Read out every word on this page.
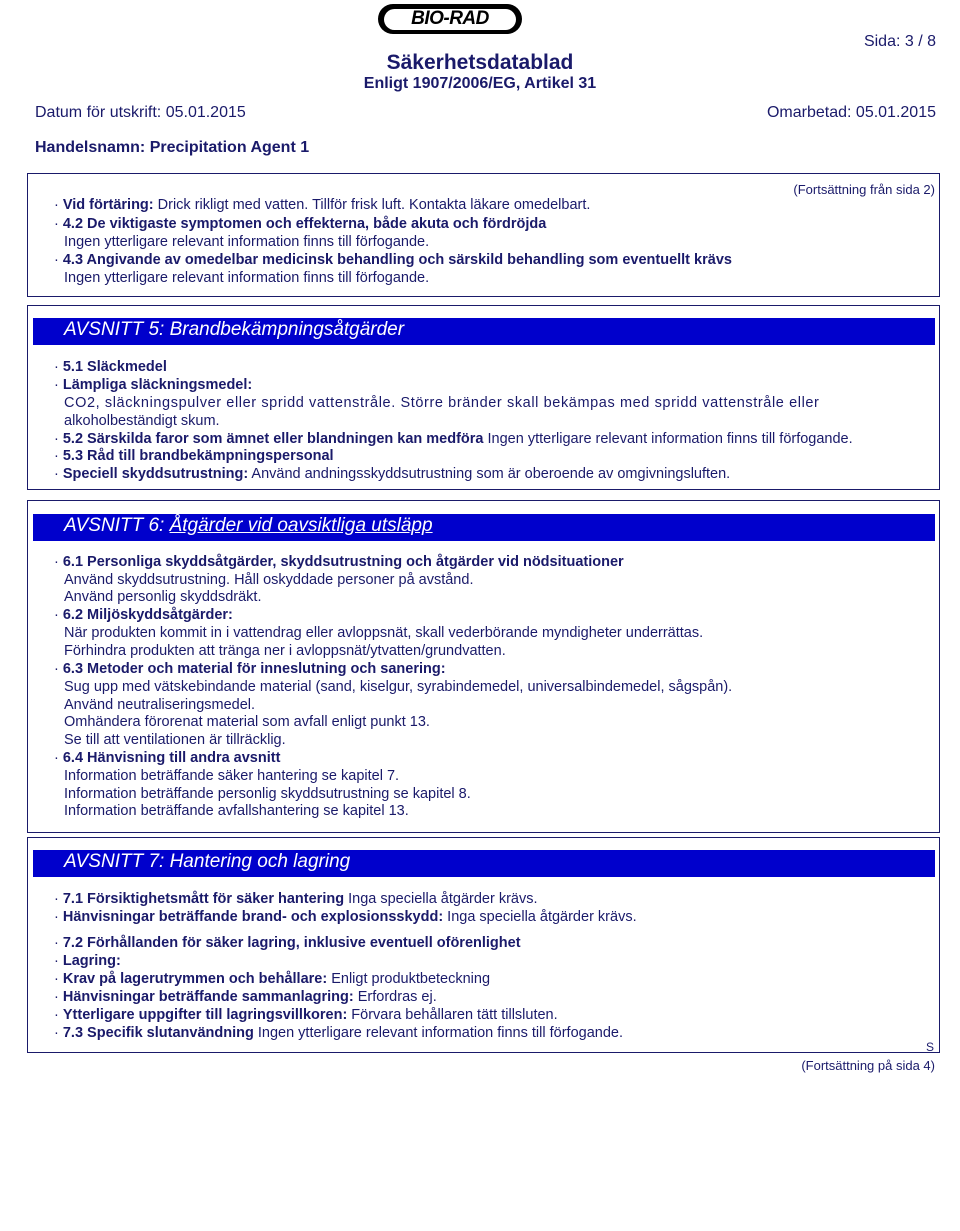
BIO-RAD
Säkerhetsdatablad
Enligt 1907/2006/EG, Artikel 31
Sida: 3 / 8
Datum för utskrift: 05.01.2015	Omarbetad: 05.01.2015
Handelsnamn: Precipitation Agent 1
(Fortsättning från sida 2)
· Vid förtäring: Drick rikligt med vatten. Tillför frisk luft. Kontakta läkare omedelbart.
· 4.2 De viktigaste symptomen och effekterna, både akuta och fördröjda
Ingen ytterligare relevant information finns till förfogande.
· 4.3 Angivande av omedelbar medicinsk behandling och särskild behandling som eventuellt krävs
Ingen ytterligare relevant information finns till förfogande.
AVSNITT 5: Brandbekämpningsåtgärder
· 5.1 Släckmedel
· Lämpliga släckningsmedel:
CO2, släckningspulver eller spridd vattenstråle. Större bränder skall bekämpas med spridd vattenstråle eller
alkoholbeständigt skum.
· 5.2 Särskilda faror som ämnet eller blandningen kan medföra Ingen ytterligare relevant information finns till förfogande.
· 5.3 Råd till brandbekämpningspersonal
· Speciell skyddsutrustning: Använd andningsskyddsutrustning som är oberoende av omgivningsluften.
AVSNITT 6: Åtgärder vid oavsiktliga utsläpp
· 6.1 Personliga skyddsåtgärder, skyddsutrustning och åtgärder vid nödsituationer
Använd skyddsutrustning. Håll oskyddade personer på avstånd.
Använd personlig skyddsdräkt.
· 6.2 Miljöskyddsåtgärder:
När produkten kommit in i vattendrag eller avloppsnät, skall vederbörande myndigheter underrättas.
Förhindra produkten att tränga ner i avloppsnät/ytvatten/grundvatten.
· 6.3 Metoder och material för inneslutning och sanering:
Sug upp med vätskebindande material (sand, kiselgur, syrabindemedel, universalbindemedel, sågspån).
Använd neutraliseringsmedel.
Omhändera förorenat material som avfall enligt punkt 13.
Se till att ventilationen är tillräcklig.
· 6.4 Hänvisning till andra avsnitt
Information beträffande säker hantering se kapitel 7.
Information beträffande personlig skyddsutrustning se kapitel 8.
Information beträffande avfallshantering se kapitel 13.
AVSNITT 7: Hantering och lagring
· 7.1 Försiktighetsmått för säker hantering Inga speciella åtgärder krävs.
· Hänvisningar beträffande brand- och explosionsskydd: Inga speciella åtgärder krävs.
· 7.2 Förhållanden för säker lagring, inklusive eventuell oförenlighet
· Lagring:
· Krav på lagerutrymmen och behållare: Enligt produktbeteckning
· Hänvisningar beträffande sammanlagring: Erfordras ej.
· Ytterligare uppgifter till lagringsvillkoren: Förvara behållaren tätt tillsluten.
· 7.3 Specifik slutanvändning Ingen ytterligare relevant information finns till förfogande.
S
(Fortsättning på sida 4)
